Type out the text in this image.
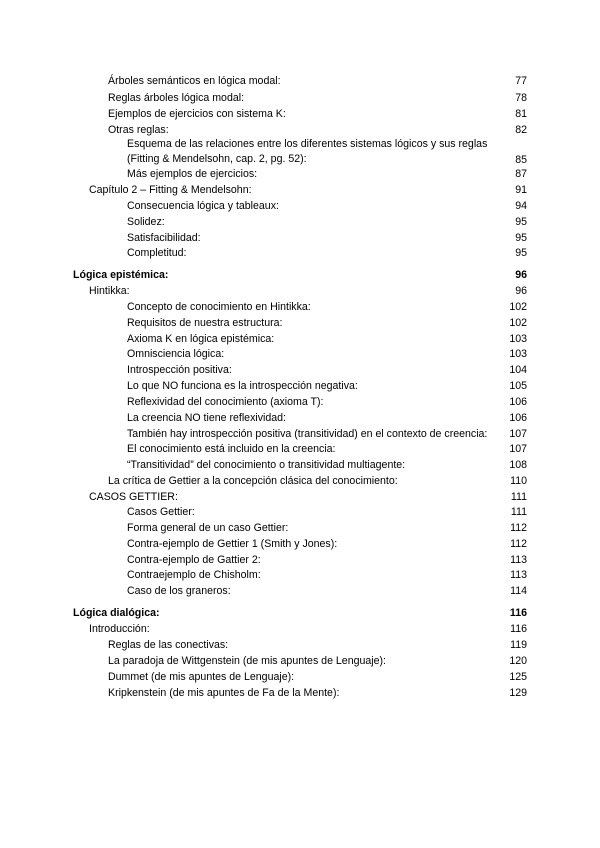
Árboles semánticos en lógica modal:	77
Reglas árboles lógica modal:	78
Ejemplos de ejercicios con sistema K:	81
Otras reglas:	82
Esquema de las relaciones entre los diferentes sistemas lógicos y sus reglas (Fitting & Mendelsohn, cap. 2, pg. 52):	85
Más ejemplos de ejercicios:	87
Capítulo 2 – Fitting & Mendelsohn:	91
Consecuencia lógica y tableaux:	94
Solidez:	95
Satisfacibilidad:	95
Completitud:	95
Lógica epistémica:	96
Hintikka:	96
Concepto de conocimiento en Hintikka:	102
Requisitos de nuestra estructura:	102
Axioma K en lógica epistémica:	103
Omnisciencia lógica:	103
Introspección positiva:	104
Lo que NO funciona es la introspección negativa:	105
Reflexividad del conocimiento (axioma T):	106
La creencia NO tiene reflexividad:	106
También hay introspección positiva (transitividad) en el contexto de creencia: 107
El conocimiento está incluido en la creencia:	107
“Transitividad” del conocimiento o transitividad multiagente:	108
La crítica de Gettier a la concepción clásica del conocimiento:	110
CASOS GETTIER:	111
Casos Gettier:	111
Forma general de un caso Gettier:	112
Contra-ejemplo de Gettier 1 (Smith y Jones):	112
Contra-ejemplo de Gattier 2:	113
Contraejemplo de Chisholm:	113
Caso de los graneros:	114
Lógica dialógica:	116
Introducción:	116
Reglas de las conectivas:	119
La paradoja de Wittgenstein (de mis apuntes de Lenguaje):	120
Dummet (de mis apuntes de Lenguaje):	125
Kripkenstein (de mis apuntes de Fa de la Mente):	129
